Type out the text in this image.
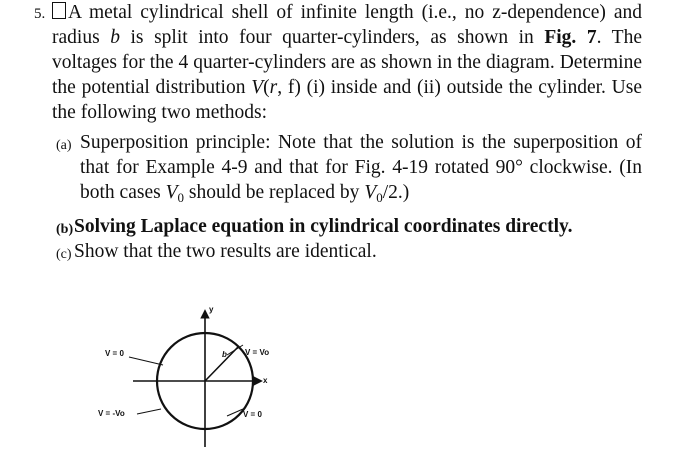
5.	A metal cylindrical shell of infinite length (i.e., no z-dependence) and radius b is split into four quarter-cylinders, as shown in Fig. 7. The voltages for the 4 quarter-cylinders are as shown in the diagram. Determine the potential distribution V(r, f) (i) inside and (ii) outside the cylinder. Use the following two methods:
(a) Superposition principle: Note that the solution is the superposition of that for Example 4-9 and that for Fig. 4-19 rotated 90° clockwise. (In both cases $V_0$ should be replaced by $V_0/2$.)
(b) Solving Laplace equation in cylindrical coordinates directly.
(c) Show that the two results are identical.
y
x
b
V = 0	V = Vo
V = -Vo	V = 0
